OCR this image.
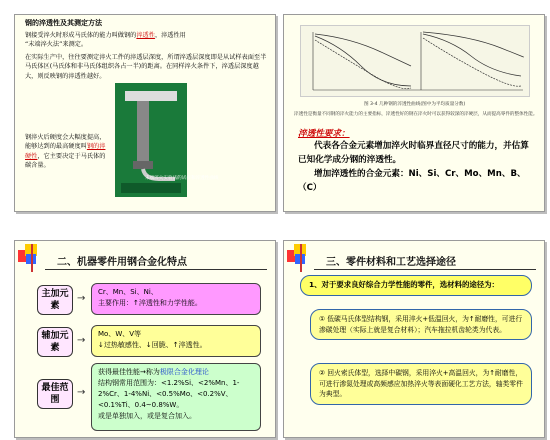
钢的淬透性及其测定方法
钢接受淬火时形成马氏体的能力叫做钢的淬透性，淬透性用
“末端淬火法”来测定。
在实际生产中，往往要测定淬火工件的淬透层深度，所谓淬透层深度即是从试样表面至半马氏体区(马氏体和非马氏体组织各占一半)的距离。在同样淬火条件下，淬透层深度越大，则反映钢的淬透性越好。
钢淬火后硬度会大幅度提高，能够达到的最高硬度叫钢的淬硬性，它主要决定于马氏体的碳含量。
末端淬火实验法的试样和淬透性曲线
图 3-4 几种钢的淬透性曲线(图中为平均质量分数)
淬透性是衡量不同钢的淬火能力的主要指标，淬透性好的钢在淬火时可以获得较深的淬硬层，从而提高零件的整体性能。
淬透性要求：
代表各合金元素增加淬火时临界直径尺寸的能力，并估算已知化学成分钢的淬透性。
增加淬透性的合金元素：Ni、Si、Cr、Mo、Mn、B、（C）
二、机器零件用钢合金化特点
主加元素
→
Cr、Mn、Si、Ni、
主要作用：↑淬透性和力学性能。
辅加元素
→
Mo、W、V等
↓过热敏感性、↓回脆、↑淬透性。
最佳范围
→
获得最佳性能→称为极限合金化理论
结构钢常用范围为：<1.2%Si、<2%Mn、1-2%Cr、1-4%Ni、<0.5%Mo、<0.2%V、<0.1%Ti、0.4~0.8%W。
或是单独加入，或是复合加入。
三、零件材料和工艺选择途径
1、对于要求良好综合力学性能的零件，选材料的途径为：
① 低碳马氏体型结构钢，采用淬火+低温回火，为↑耐磨性，可进行渗碳处理（实际上就是复合材料）；汽车拖拉机齿轮类为代表。
② 回火索氏体型，选择中碳钢，采用淬火+高温回火，为↑耐磨性，可进行渗氮处理或高频感应加热淬火等表面硬化工艺方法，轴类零件为典型。
